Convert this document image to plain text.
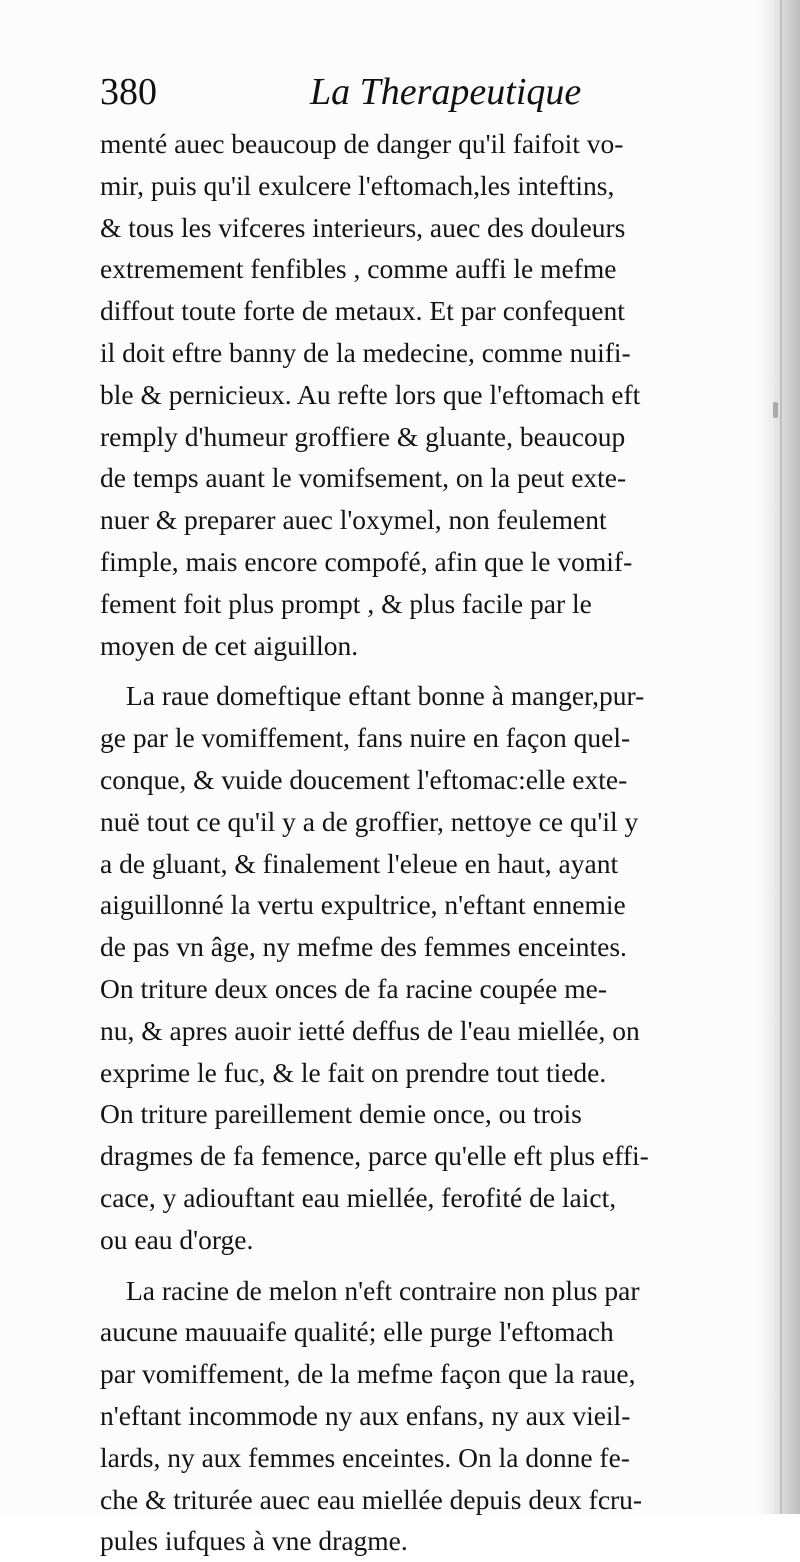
380	La Therapeutique
menté auec beaucoup de danger qu'il faifoit vo-
mir, puis qu'il exulcere l'eftomach,les inteftins,
& tous les vifceres interieurs, auec des douleurs
extremement fenfibles , comme auffi le mefme
diffout toute forte de metaux. Et par confequent
il doit eftre banny de la medecine, comme nuifi-
ble & pernicieux. Au refte lors que l'eftomach eft
remply d'humeur groffiere & gluante, beaucoup
de temps auant le vomifsement, on la peut exte-
nuer & preparer auec l'oxymel, non feulement
fimple, mais encore compofé, afin que le vomif-
fement foit plus prompt , & plus facile par le
moyen de cet aiguillon.
La raue domeftique eftant bonne à manger,pur-
ge par le vomiffement, fans nuire en façon quel-
conque, & vuide doucement l'eftomac:elle exte-
nuë tout ce qu'il y a de groffier, nettoye ce qu'il y
a de gluant, & finalement l'eleue en haut, ayant
aiguillonné la vertu expultrice, n'eftant ennemie
de pas vn âge, ny mefme des femmes enceintes.
On triture deux onces de fa racine coupée me-
nu, & apres auoir ietté deffus de l'eau miellée, on
exprime le fuc, & le fait on prendre tout tiede.
On triture pareillement demie once, ou trois
dragmes de fa femence, parce qu'elle eft plus effi-
cace, y adiouftant eau miellée, ferofité de laict,
ou eau d'orge.
La racine de melon n'eft contraire non plus par
aucune mauuaife qualité; elle purge l'eftomach
par vomiffement, de la mefme façon que la raue,
n'eftant incommode ny aux enfans, ny aux vieil-
lards, ny aux femmes enceintes. On la donne fe-
che & triturée auec eau miellée depuis deux fcru-
pules iufques à vne dragme.
